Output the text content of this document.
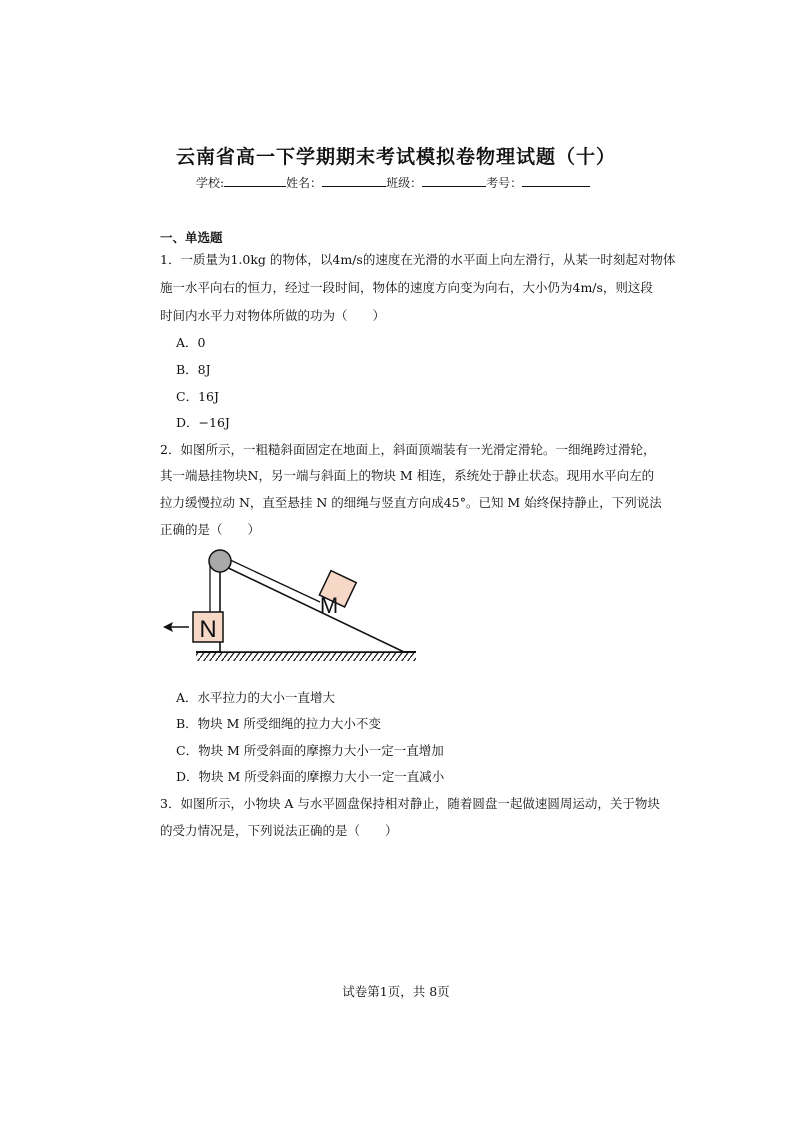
云南省高一下学期期末考试模拟卷物理试题（十）
学校:	姓名：	班级：	考号：
一、单选题
1．一质量为1.0kg 的物体，以4m/s的速度在光滑的水平面上向左滑行，从某一时刻起对物体
施一水平向右的恒力，经过一段时间，物体的速度方向变为向右，大小仍为4m/s，则这段
时间内水平力对物体所做的功为（　　）
A．0
B．8J
C．16J
D．−16J
2．如图所示，一粗糙斜面固定在地面上，斜面顶端装有一光滑定滑轮。一细绳跨过滑轮，
其一端悬挂物块N，另一端与斜面上的物块 M 相连，系统处于静止状态。现用水平向左的
拉力缓慢拉动 N，直至悬挂 N 的细绳与竖直方向成45°。已知 M 始终保持静止，下列说法
正确的是（　　）
N
M
A．水平拉力的大小一直增大
B．物块 M 所受细绳的拉力大小不变
C．物块 M 所受斜面的摩擦力大小一定一直增加
D．物块 M 所受斜面的摩擦力大小一定一直减小
3．如图所示，小物块 A 与水平圆盘保持相对静止，随着圆盘一起做速圆周运动，关于物块
的受力情况是，下列说法正确的是（　　）
试卷第1页，共 8页
